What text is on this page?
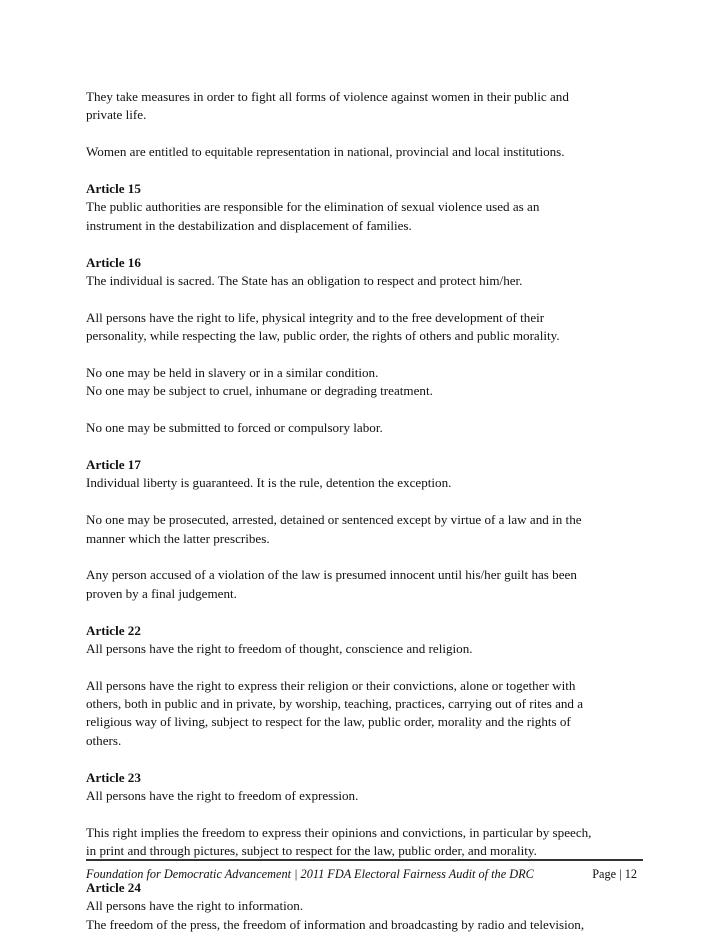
They take measures in order to fight all forms of violence against women in their public and

private life.

Women are entitled to equitable representation in national, provincial and local institutions.

Article 15

The public authorities are responsible for the elimination of sexual violence used as an

instrument in the destabilization and displacement of families.

Article 16

The individual is sacred. The State has an obligation to respect and protect him/her.

All persons have the right to life, physical integrity and to the free development of their

personality, while respecting the law, public order, the rights of others and public morality.

No one may be held in slavery or in a similar condition.

No one may be subject to cruel, inhumane or degrading treatment.

No one may be submitted to forced or compulsory labor.

Article 17

Individual liberty is guaranteed. It is the rule, detention the exception.

No one may be prosecuted, arrested, detained or sentenced except by virtue of a law and in the

manner which the latter prescribes.

Any person accused of a violation of the law is presumed innocent until his/her guilt has been

proven by a final judgement.

Article 22

All persons have the right to freedom of thought, conscience and religion.

All persons have the right to express their religion or their convictions, alone or together with

others, both in public and in private, by worship, teaching, practices, carrying out of rites and a

religious way of living, subject to respect for the law, public order, morality and the rights of

others.

Article 23

All persons have the right to freedom of expression.

This right implies the freedom to express their opinions and convictions, in particular by speech,

in print and through pictures, subject to respect for the law, public order, and morality.

Article 24

All persons have the right to information.

The freedom of the press, the freedom of information and broadcasting by radio and television,

Foundation for Democratic Advancement | 2011 FDA Electoral Fairness Audit of the DRC	Page | 12
